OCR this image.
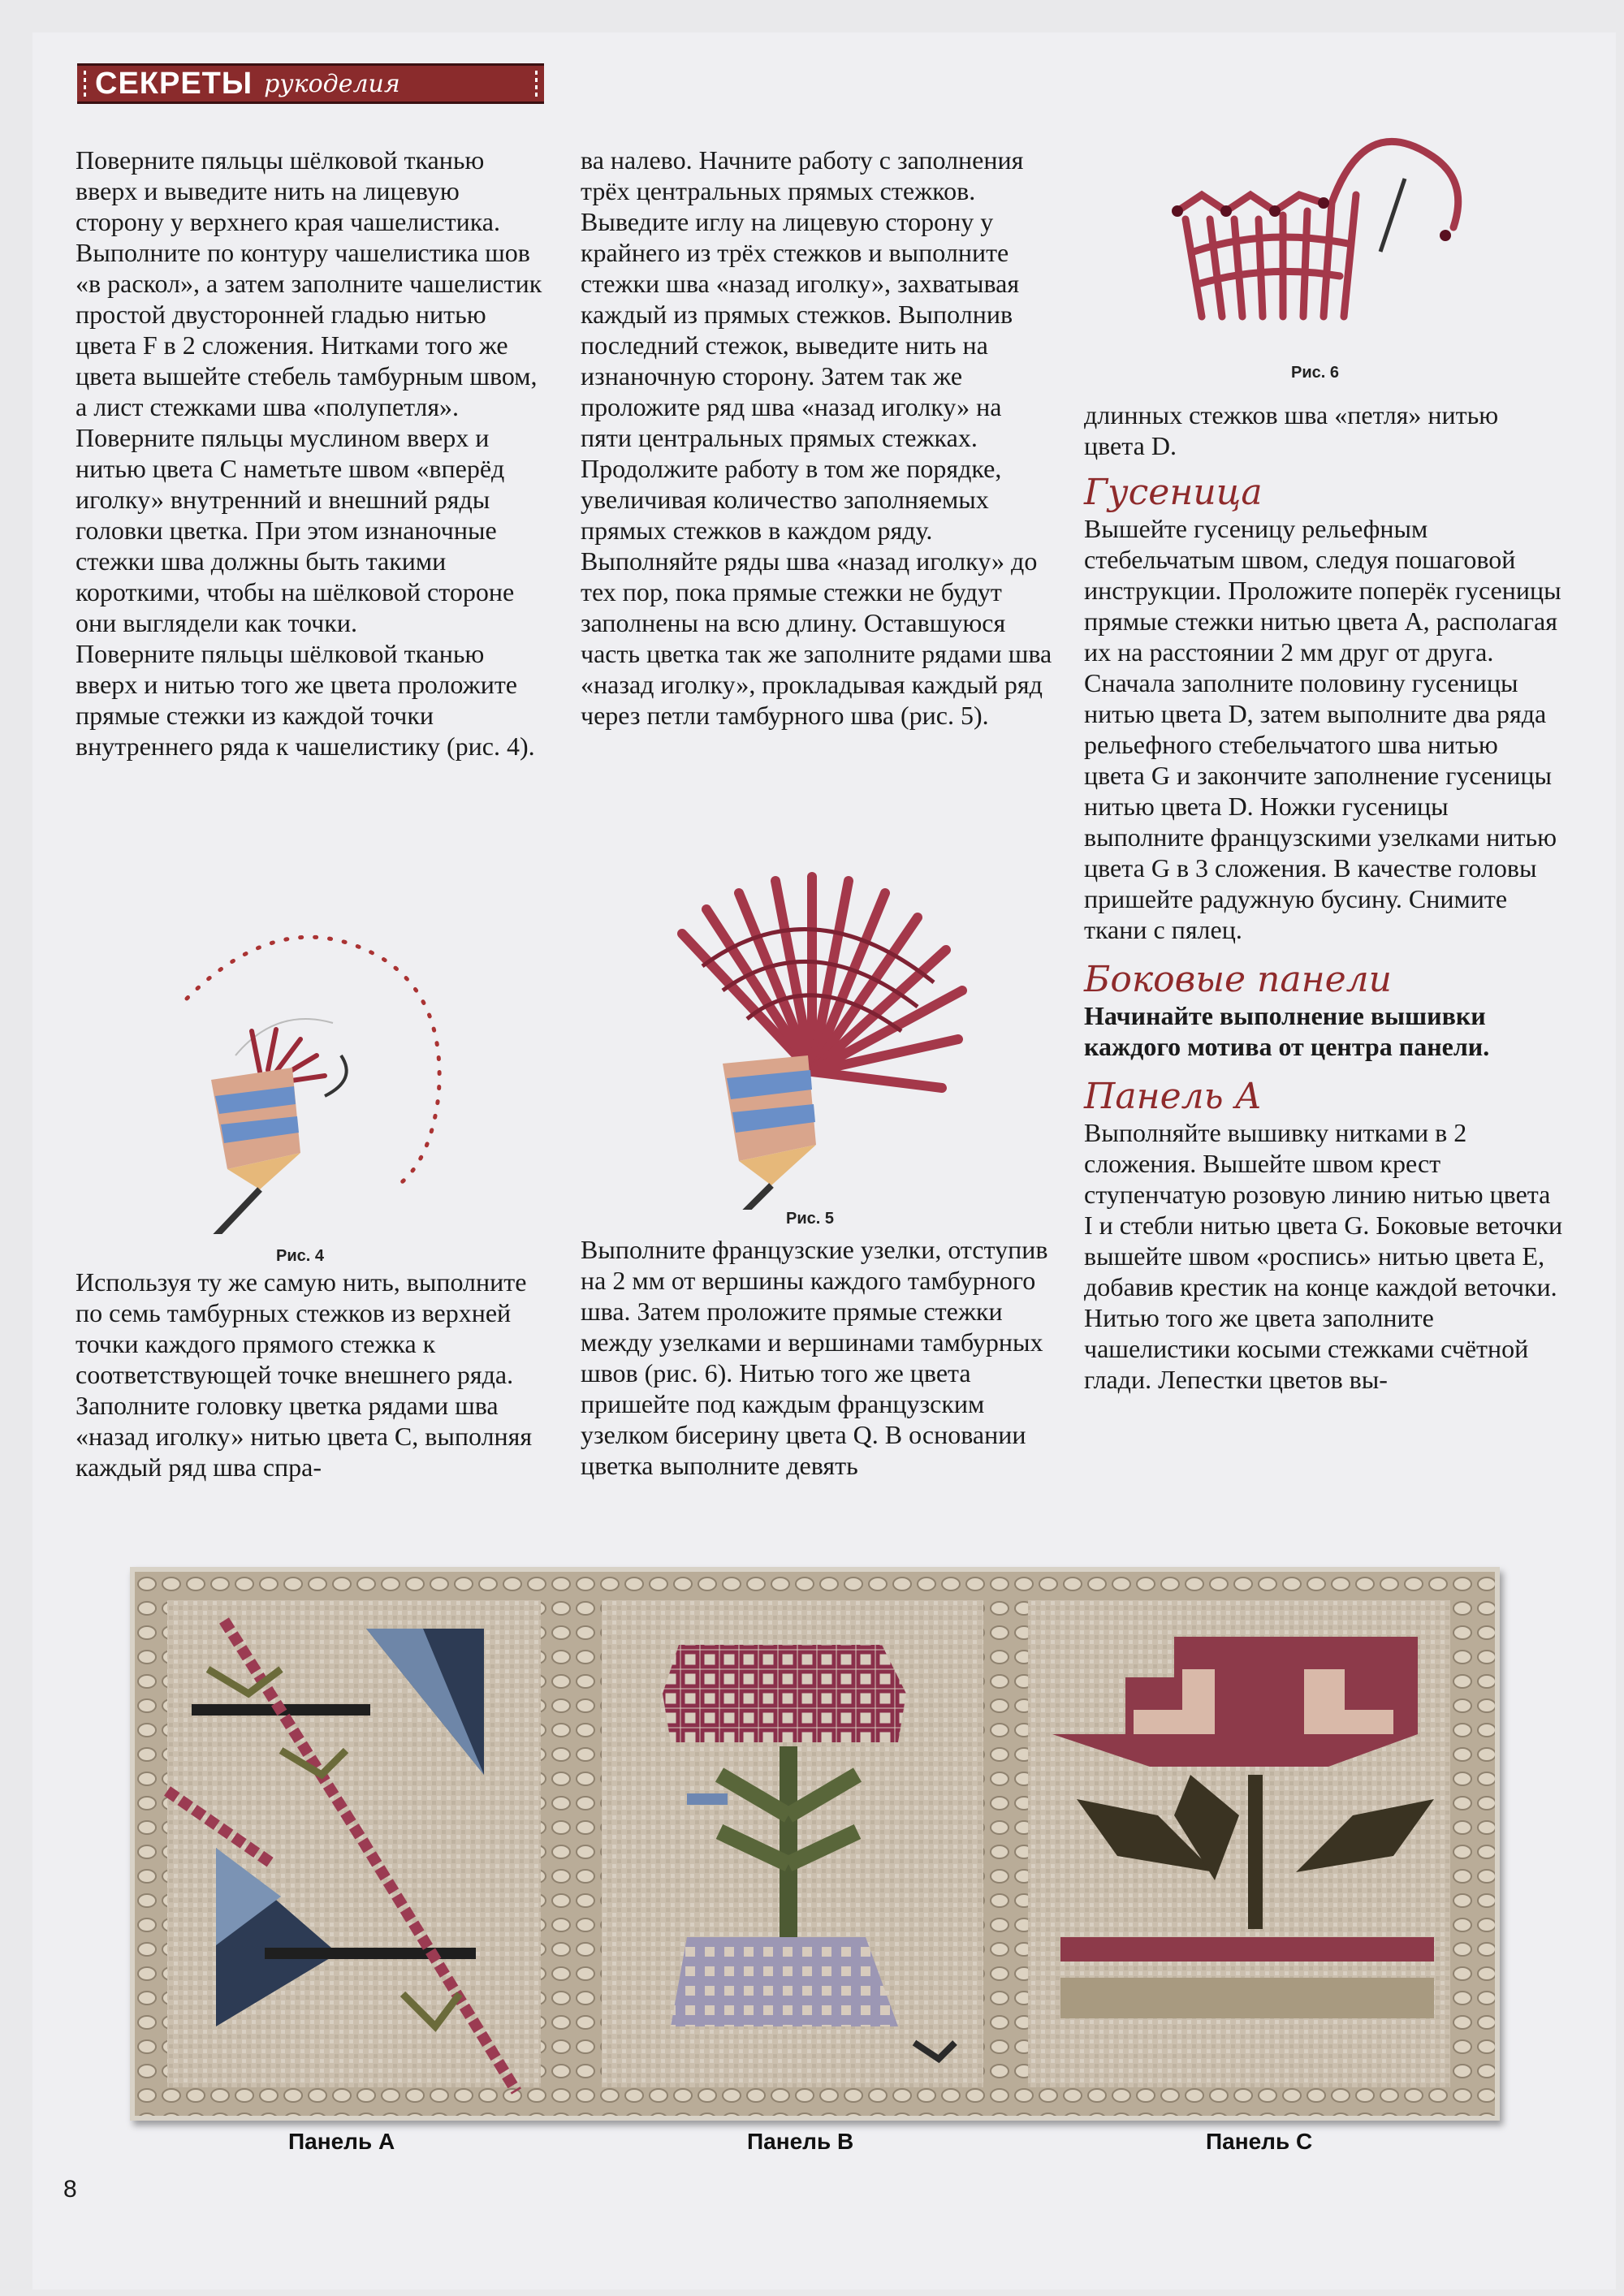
СЕКРЕТЫ рукоделия

Поверните пяльцы шёлковой тканью вверх и выведите нить на лицевую сторону у верхнего края чашелистика. Выполните по контуру чашелистика шов «в раскол», а затем заполните чашелистик простой двусторонней гладью нитью цвета F в 2 сложения. Нитками того же цвета вышейте стебель тамбурным швом, а лист стежками шва «полупетля».

Поверните пяльцы муслином вверх и нитью цвета C наметьте швом «вперёд иголку» внутренний и внешний ряды головки цветка. При этом изнаночные стежки шва должны быть такими короткими, чтобы на шёлковой стороне они выглядели как точки.

Поверните пяльцы шёлковой тканью вверх и нитью того же цвета проложите прямые стежки из каждой точки внутреннего ряда к чашелистику (рис. 4).

Рис. 4

Используя ту же самую нить, выполните по семь тамбурных стежков из верхней точки каждого прямого стежка к соответствующей точке внешнего ряда.

Заполните головку цветка рядами шва «назад иголку» нитью цвета C, выполняя каждый ряд шва спра-

ва налево. Начните работу с заполнения трёх центральных прямых стежков. Выведите иглу на лицевую сторону у крайнего из трёх стежков и выполните стежки шва «назад иголку», захватывая каждый из прямых стежков. Выполнив последний стежок, выведите нить на изнаночную сторону. Затем так же проложите ряд шва «назад иголку» на пяти центральных прямых стежках. Продолжите работу в том же порядке, увеличивая количество заполняемых прямых стежков в каждом ряду. Выполняйте ряды шва «назад иголку» до тех пор, пока прямые стежки не будут заполнены на всю длину. Оставшуюся часть цветка так же заполните рядами шва «назад иголку», прокладывая каждый ряд через петли тамбурного шва (рис. 5).

Рис. 5

Выполните французские узелки, отступив на 2 мм от вершины каждого тамбурного шва. Затем проложите прямые стежки между узелками и вершинами тамбурных швов (рис. 6). Нитью того же цвета пришейте под каждым французским узелком бисерину цвета Q. В основании цветка выполните девять

Рис. 6

длинных стежков шва «петля» нитью цвета D.

Гусеница

Вышейте гусеницу рельефным стебельчатым швом, следуя пошаговой инструкции. Проложите поперёк гусеницы прямые стежки нитью цвета A, располагая их на расстоянии 2 мм друг от друга. Сначала заполните половину гусеницы нитью цвета D, затем выполните два ряда рельефного стебельчатого шва нитью цвета G и закончите заполнение гусеницы нитью цвета D. Ножки гусеницы выполните французскими узелками нитью цвета G в 3 сложения. В качестве головы пришейте радужную бусину. Снимите ткани с пялец.

Боковые панели

Начинайте выполнение вышивки каждого мотива от центра панели.

Панель А

Выполняйте вышивку нитками в 2 сложения. Вышейте швом крест ступенчатую розовую линию нитью цвета I и стебли нитью цвета G. Боковые веточки вышейте швом «роспись» нитью цвета E, добавив крестик на конце каждой веточки. Нитью того же цвета заполните чашелистики косыми стежками счётной глади. Лепестки цветов вы-

Панель А	Панель В	Панель С
8
